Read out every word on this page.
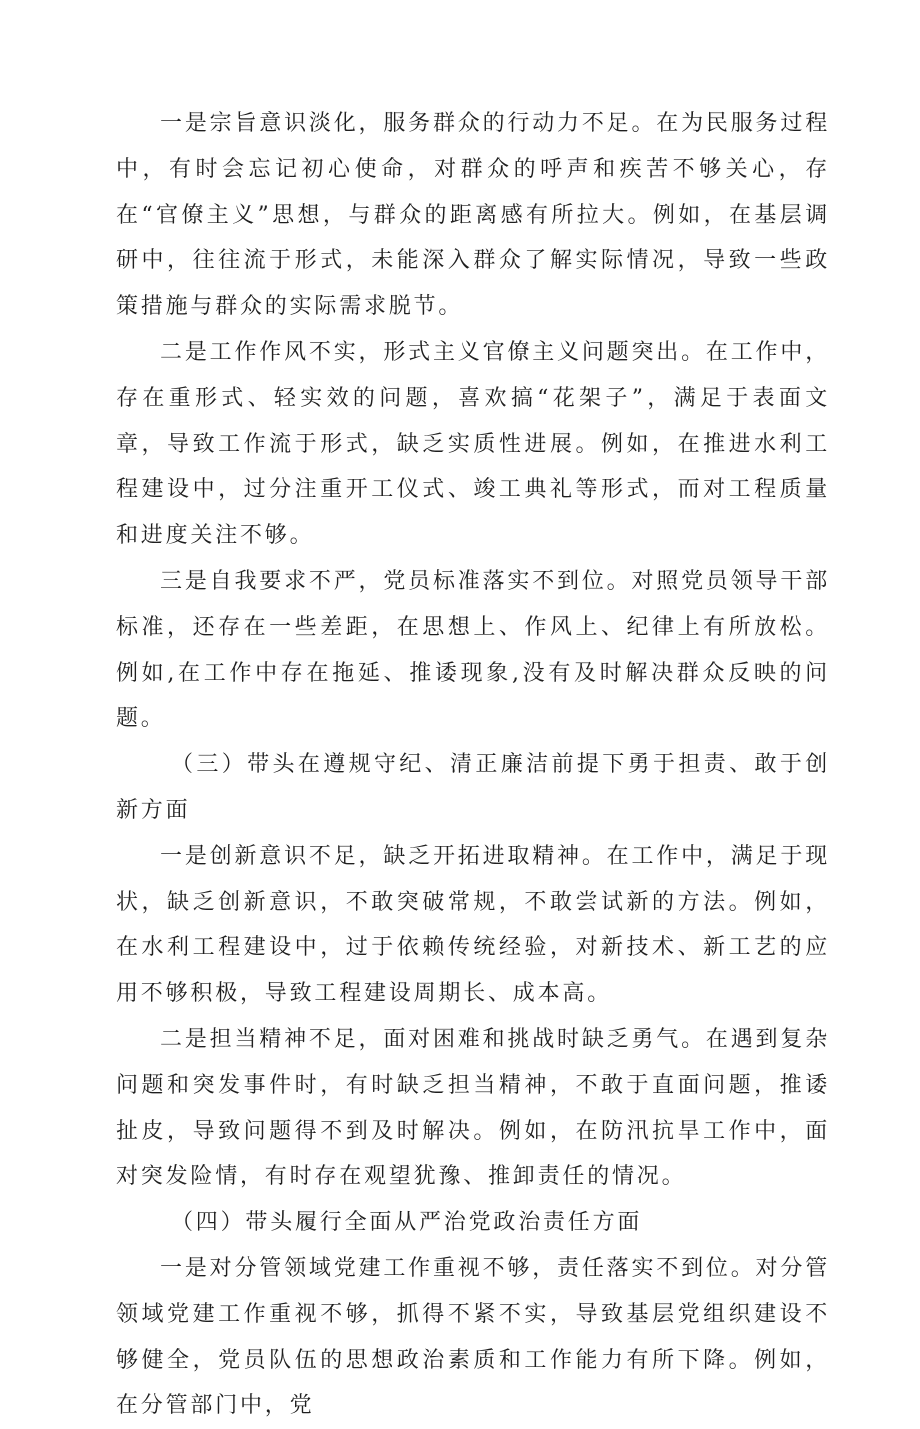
一是宗旨意识淡化，服务群众的行动力不足。在为民服务过程中，有时会忘记初心使命，对群众的呼声和疾苦不够关心，存在“官僚主义”思想，与群众的距离感有所拉大。例如，在基层调研中，往往流于形式，未能深入群众了解实际情况，导致一些政策措施与群众的实际需求脱节。

二是工作作风不实，形式主义官僚主义问题突出。在工作中，存在重形式、轻实效的问题，喜欢搞“花架子”，满足于表面文章，导致工作流于形式，缺乏实质性进展。例如，在推进水利工程建设中，过分注重开工仪式、竣工典礼等形式，而对工程质量和进度关注不够。

三是自我要求不严，党员标准落实不到位。对照党员领导干部标准，还存在一些差距，在思想上、作风上、纪律上有所放松。例如,在工作中存在拖延、推诿现象,没有及时解决群众反映的问题。

（三）带头在遵规守纪、清正廉洁前提下勇于担责、敢于创新方面

一是创新意识不足，缺乏开拓进取精神。在工作中，满足于现状，缺乏创新意识，不敢突破常规，不敢尝试新的方法。例如，在水利工程建设中，过于依赖传统经验，对新技术、新工艺的应用不够积极，导致工程建设周期长、成本高。

二是担当精神不足，面对困难和挑战时缺乏勇气。在遇到复杂问题和突发事件时，有时缺乏担当精神，不敢于直面问题，推诿扯皮，导致问题得不到及时解决。例如，在防汛抗旱工作中，面对突发险情，有时存在观望犹豫、推卸责任的情况。

（四）带头履行全面从严治党政治责任方面

一是对分管领域党建工作重视不够，责任落实不到位。对分管领域党建工作重视不够，抓得不紧不实，导致基层党组织建设不够健全，党员队伍的思想政治素质和工作能力有所下降。例如，在分管部门中，党
